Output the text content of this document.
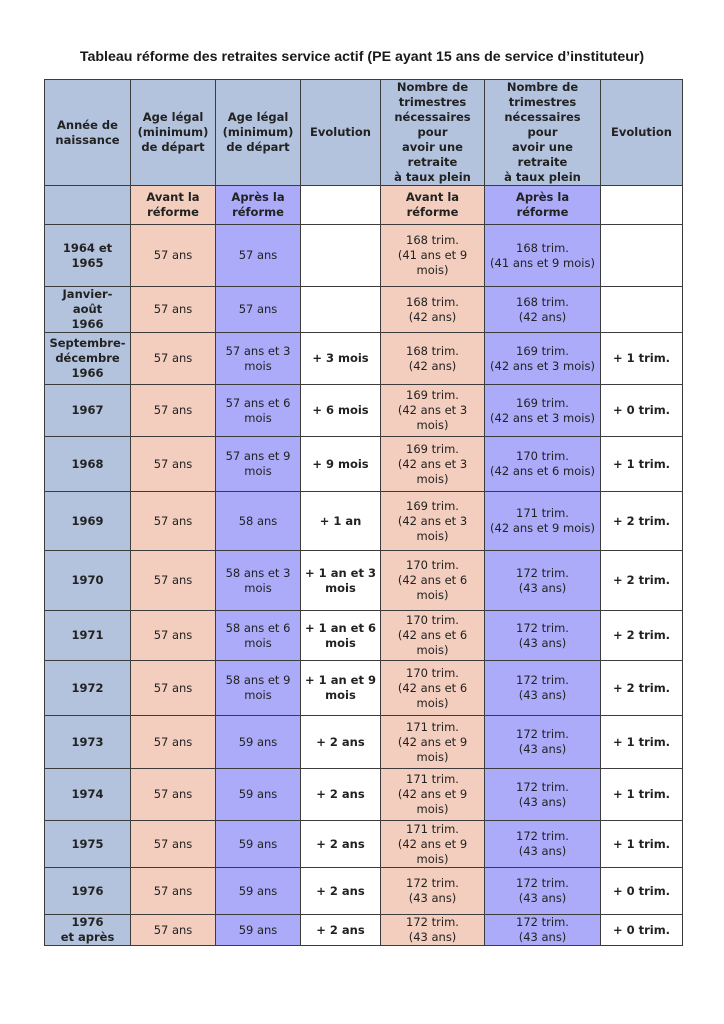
Tableau réforme des retraites service actif (PE ayant 15 ans de service d’instituteur)
Année de
naissance	Age légal
(minimum)
de départ	Age légal
(minimum)
de départ	Evolution	Nombre de
trimestres
nécessaires pour
avoir une retraite
à taux plein	Nombre de
trimestres
nécessaires pour
avoir une retraite
à taux plein	Evolution
	Avant la
réforme	Après la
réforme		Avant la
réforme	Après la
réforme	
1964 et 1965	57 ans	57 ans		168 trim.
(41 ans et 9 mois)	168 trim.
(41 ans et 9 mois)	
Janvier-août
1966	57 ans	57 ans		168 trim.
(42 ans)	168 trim.
(42 ans)	
Septembre-
décembre
1966	57 ans	57 ans et 3
mois	+ 3 mois	168 trim.
(42 ans)	169 trim.
(42 ans et 3 mois)	+ 1 trim.
1967	57 ans	57 ans et 6
mois	+ 6 mois	169 trim.
(42 ans et 3 mois)	169 trim.
(42 ans et 3 mois)	+ 0 trim.
1968	57 ans	57 ans et 9
mois	+ 9 mois	169 trim.
(42 ans et 3 mois)	170 trim.
(42 ans et 6 mois)	+ 1 trim.
1969	57 ans	58 ans	+ 1 an	169 trim.
(42 ans et 3 mois)	171 trim.
(42 ans et 9 mois)	+ 2 trim.
1970	57 ans	58 ans et 3
mois	+ 1 an et 3
mois	170 trim.
(42 ans et 6 mois)	172 trim.
(43 ans)	+ 2 trim.
1971	57 ans	58 ans et 6
mois	+ 1 an et 6
mois	170 trim.
(42 ans et 6 mois)	172 trim.
(43 ans)	+ 2 trim.
1972	57 ans	58 ans et 9
mois	+ 1 an et 9
mois	170 trim.
(42 ans et 6 mois)	172 trim.
(43 ans)	+ 2 trim.
1973	57 ans	59 ans	+ 2 ans	171 trim.
(42 ans et 9 mois)	172 trim.
(43 ans)	+ 1 trim.
1974	57 ans	59 ans	+ 2 ans	171 trim.
(42 ans et 9 mois)	172 trim.
(43 ans)	+ 1 trim.
1975	57 ans	59 ans	+ 2 ans	171 trim.
(42 ans et 9 mois)	172 trim.
(43 ans)	+ 1 trim.
1976	57 ans	59 ans	+ 2 ans	172 trim.
(43 ans)	172 trim.
(43 ans)	+ 0 trim.
1976
et après	57 ans	59 ans	+ 2 ans	172 trim.
(43 ans)	172 trim.
(43 ans)	+ 0 trim.
